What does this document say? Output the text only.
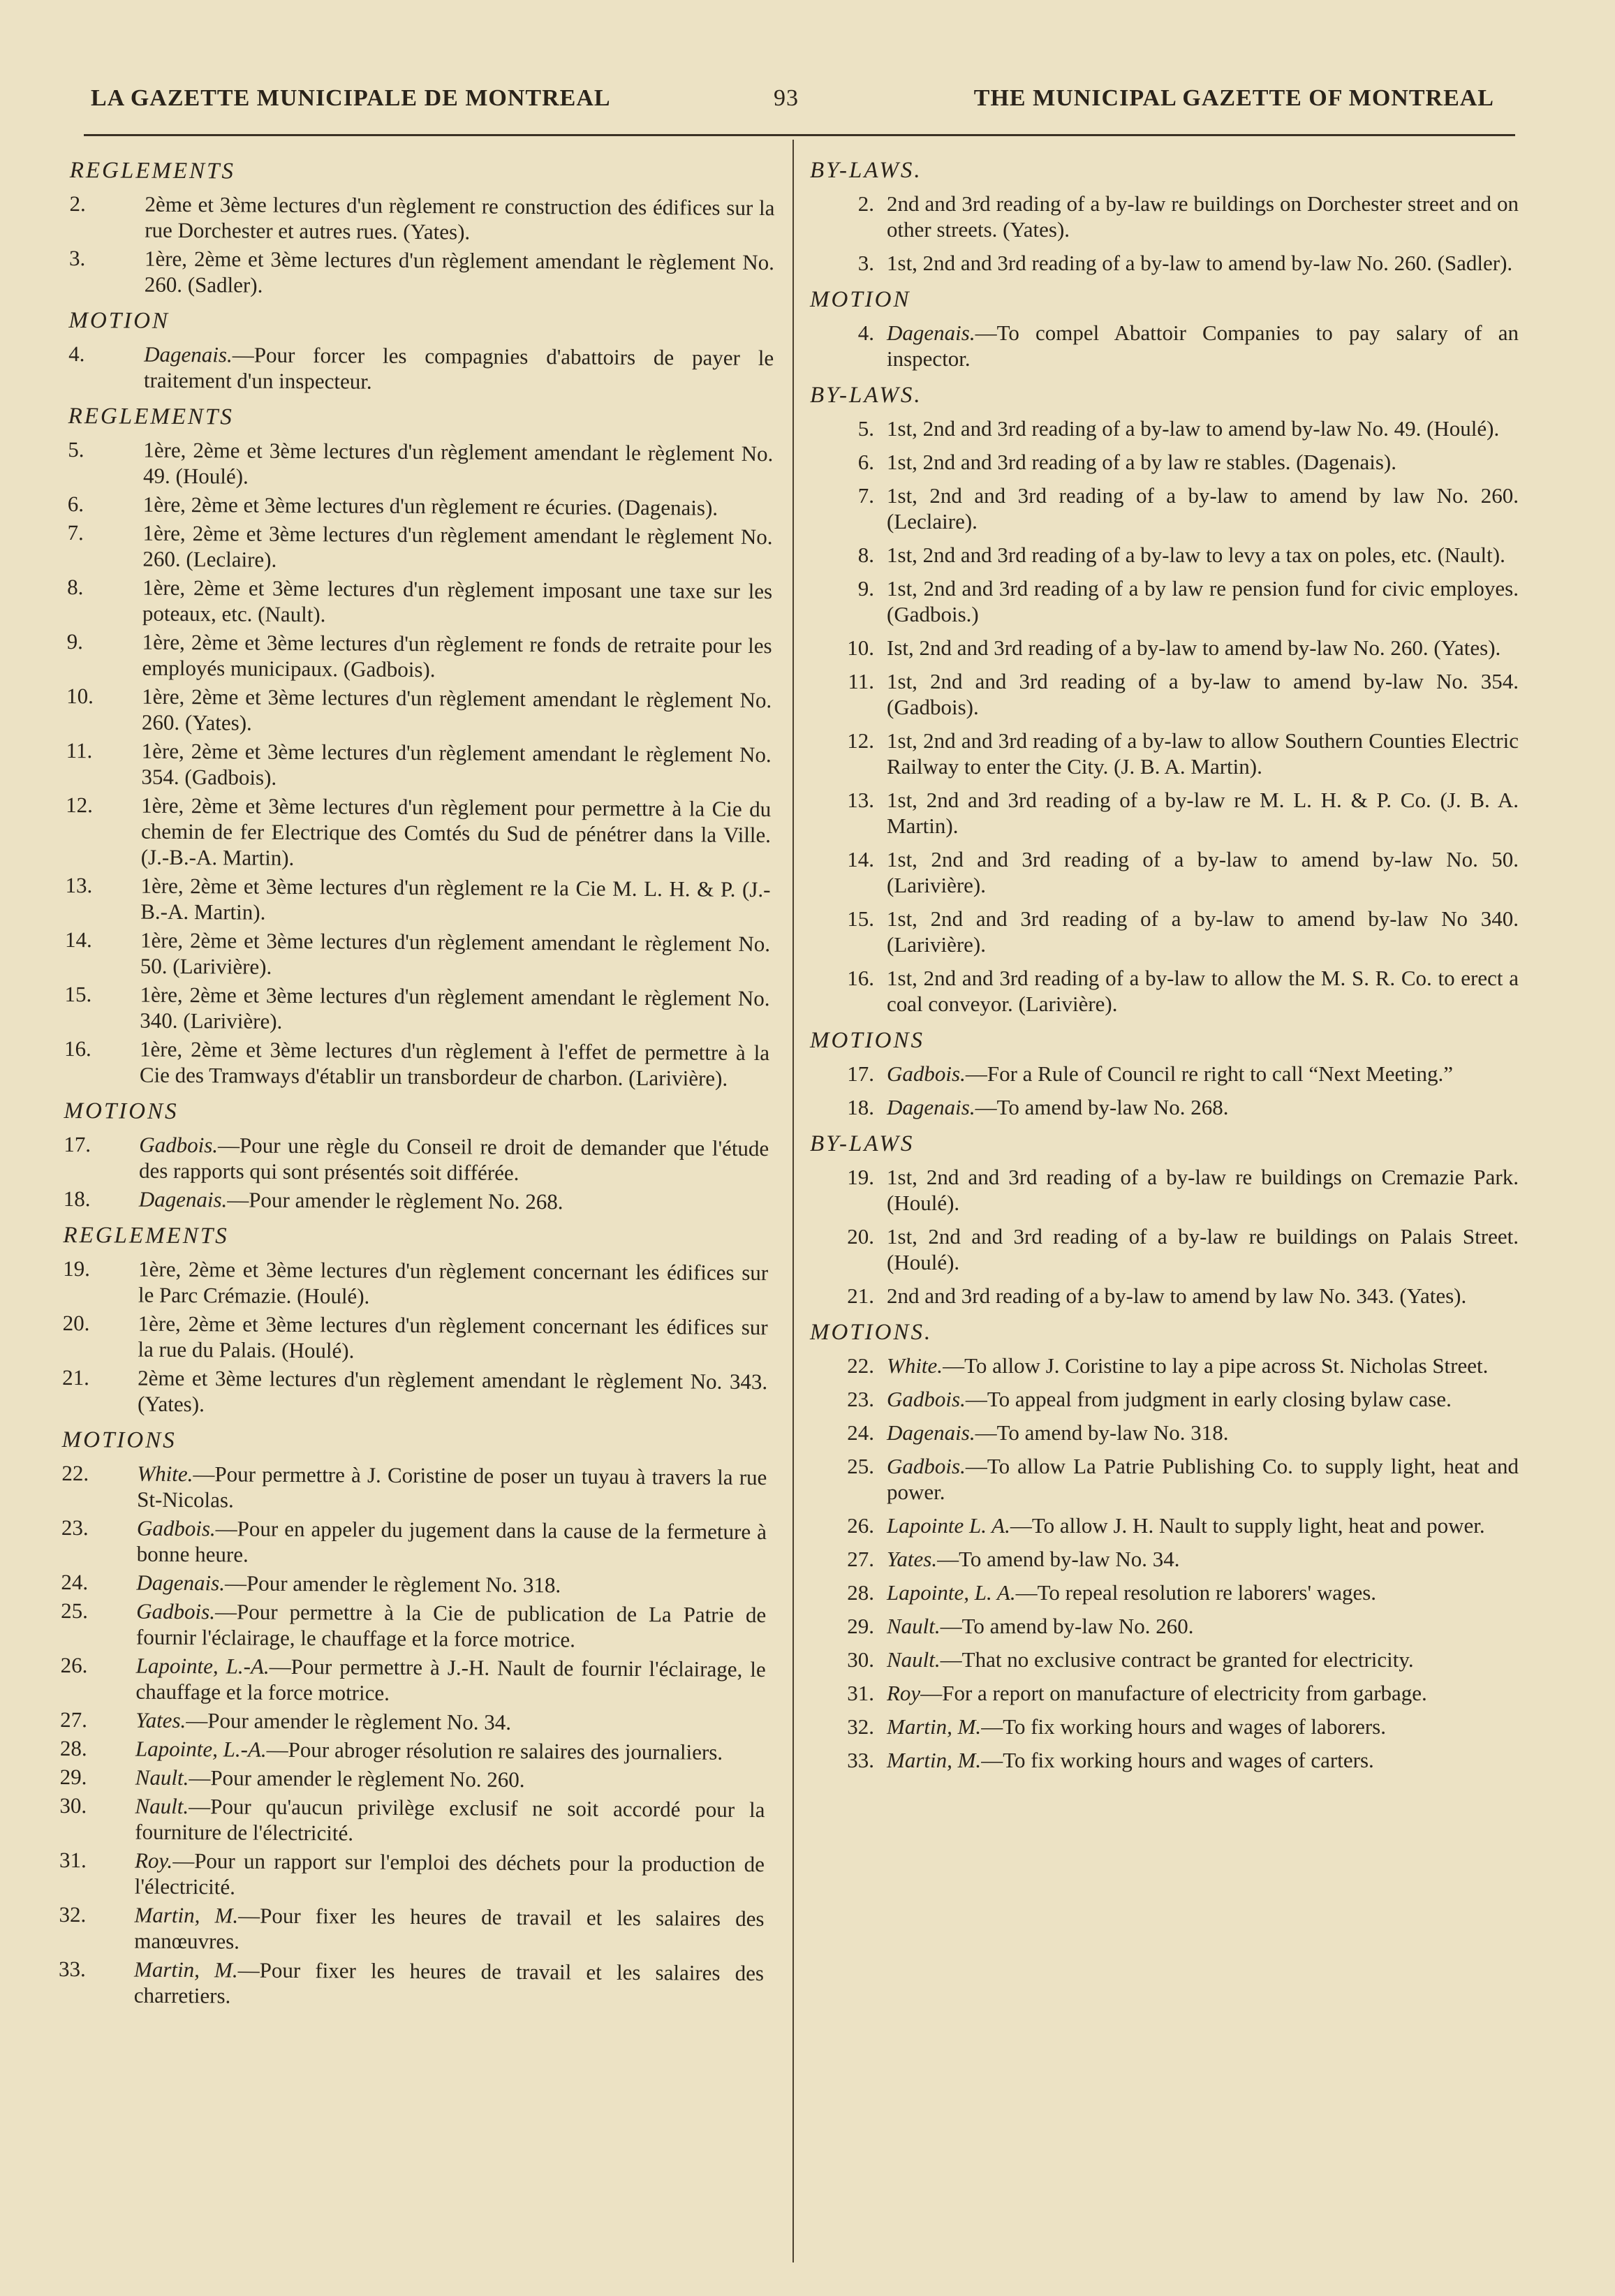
LA GAZETTE MUNICIPALE DE MONTREAL	93	THE MUNICIPAL GAZETTE OF MONTREAL
REGLEMENTS
2.	2ème et 3ème lectures d'un règlement re construction des édifices sur la rue Dorchester et autres rues. (Yates).
3.	1ère, 2ème et 3ème lectures d'un règlement amendant le règlement No. 260. (Sadler).
MOTION
4.	Dagenais.—Pour forcer les compagnies d'abattoirs de payer le traitement d'un inspecteur.
REGLEMENTS
5.	1ère, 2ème et 3ème lectures d'un règlement amendant le règlement No. 49. (Houlé).
6.	1ère, 2ème et 3ème lectures d'un règlement re écuries. (Dagenais).
7.	1ère, 2ème et 3ème lectures d'un règlement amendant le règlement No. 260. (Leclaire).
8.	1ère, 2ème et 3ème lectures d'un règlement imposant une taxe sur les poteaux, etc. (Nault).
9.	1ère, 2ème et 3ème lectures d'un règlement re fonds de retraite pour les employés municipaux. (Gadbois).
10.	1ère, 2ème et 3ème lectures d'un règlement amendant le règlement No. 260. (Yates).
11.	1ère, 2ème et 3ème lectures d'un règlement amendant le règlement No. 354. (Gadbois).
12.	1ère, 2ème et 3ème lectures d'un règlement pour permettre à la Cie du chemin de fer Electrique des Comtés du Sud de pénétrer dans la Ville. (J.-B.-A. Martin).
13.	1ère, 2ème et 3ème lectures d'un règlement re la Cie M. L. H. & P. (J.-B.-A. Martin).
14.	1ère, 2ème et 3ème lectures d'un règlement amendant le règlement No. 50. (Larivière).
15.	1ère, 2ème et 3ème lectures d'un règlement amendant le règlement No. 340. (Larivière).
16.	1ère, 2ème et 3ème lectures d'un règlement à l'effet de permettre à la Cie des Tramways d'établir un transbordeur de charbon. (Larivière).
MOTIONS
17.	Gadbois.—Pour une règle du Conseil re droit de demander que l'étude des rapports qui sont présentés soit différée.
18.	Dagenais.—Pour amender le règlement No. 268.
REGLEMENTS
19.	1ère, 2ème et 3ème lectures d'un règlement concernant les édifices sur le Parc Crémazie. (Houlé).
20.	1ère, 2ème et 3ème lectures d'un règlement concernant les édifices sur la rue du Palais. (Houlé).
21.	2ème et 3ème lectures d'un règlement amendant le règlement No. 343. (Yates).
MOTIONS
22.	White.—Pour permettre à J. Coristine de poser un tuyau à travers la rue St-Nicolas.
23.	Gadbois.—Pour en appeler du jugement dans la cause de la fermeture à bonne heure.
24.	Dagenais.—Pour amender le règlement No. 318.
25.	Gadbois.—Pour permettre à la Cie de publication de La Patrie de fournir l'éclairage, le chauffage et la force motrice.
26.	Lapointe, L.-A.—Pour permettre à J.-H. Nault de fournir l'éclairage, le chauffage et la force motrice.
27.	Yates.—Pour amender le règlement No. 34.
28.	Lapointe, L.-A.—Pour abroger résolution re salaires des journaliers.
29.	Nault.—Pour amender le règlement No. 260.
30.	Nault.—Pour qu'aucun privilège exclusif ne soit accordé pour la fourniture de l'électricité.
31.	Roy.—Pour un rapport sur l'emploi des déchets pour la production de l'électricité.
32.	Martin, M.—Pour fixer les heures de travail et les salaires des manœuvres.
33.	Martin, M.—Pour fixer les heures de travail et les salaires des charretiers.
BY-LAWS.
2. 2nd and 3rd reading of a by-law re buildings on Dorchester street and on other streets. (Yates).
3. 1st, 2nd and 3rd reading of a by-law to amend by-law No. 260. (Sadler).
MOTION
4. Dagenais.—To compel Abattoir Companies to pay salary of an inspector.
BY-LAWS.
5. 1st, 2nd and 3rd reading of a by-law to amend by-law No. 49. (Houlé).
6. 1st, 2nd and 3rd reading of a by law re stables. (Dagenais).
7. 1st, 2nd and 3rd reading of a by-law to amend by law No. 260. (Leclaire).
8. 1st, 2nd and 3rd reading of a by-law to levy a tax on poles, etc. (Nault).
9. 1st, 2nd and 3rd reading of a by law re pension fund for civic employes. (Gadbois.)
10. Ist, 2nd and 3rd reading of a by-law to amend by-law No. 260. (Yates).
11. 1st, 2nd and 3rd reading of a by-law to amend by-law No. 354. (Gadbois).
12. 1st, 2nd and 3rd reading of a by-law to allow Southern Counties Electric Railway to enter the City. (J. B. A. Martin).
13. 1st, 2nd and 3rd reading of a by-law re M. L. H. & P. Co. (J. B. A. Martin).
14. 1st, 2nd and 3rd reading of a by-law to amend by-law No. 50. (Larivière).
15. 1st, 2nd and 3rd reading of a by-law to amend by-law No 340. (Larivière).
16. 1st, 2nd and 3rd reading of a by-law to allow the M. S. R. Co. to erect a coal conveyor. (Larivière).
MOTIONS
17. Gadbois.—For a Rule of Council re right to call “Next Meeting.”
18. Dagenais.—To amend by-law No. 268.
BY-LAWS
19. 1st, 2nd and 3rd reading of a by-law re buildings on Cremazie Park. (Houlé).
20. 1st, 2nd and 3rd reading of a by-law re buildings on Palais Street. (Houlé).
21. 2nd and 3rd reading of a by-law to amend by law No. 343. (Yates).
MOTIONS.
22. White.—To allow J. Coristine to lay a pipe across St. Nicholas Street.
23. Gadbois.—To appeal from judgment in early closing bylaw case.
24. Dagenais.—To amend by-law No. 318.
25. Gadbois.—To allow La Patrie Publishing Co. to supply light, heat and power.
26. Lapointe L. A.—To allow J. H. Nault to supply light, heat and power.
27. Yates.—To amend by-law No. 34.
28. Lapointe, L. A.—To repeal resolution re laborers' wages.
29. Nault.—To amend by-law No. 260.
30. Nault.—That no exclusive contract be granted for electricity.
31. Roy—For a report on manufacture of electricity from garbage.
32. Martin, M.—To fix working hours and wages of laborers.
33. Martin, M.—To fix working hours and wages of carters.
